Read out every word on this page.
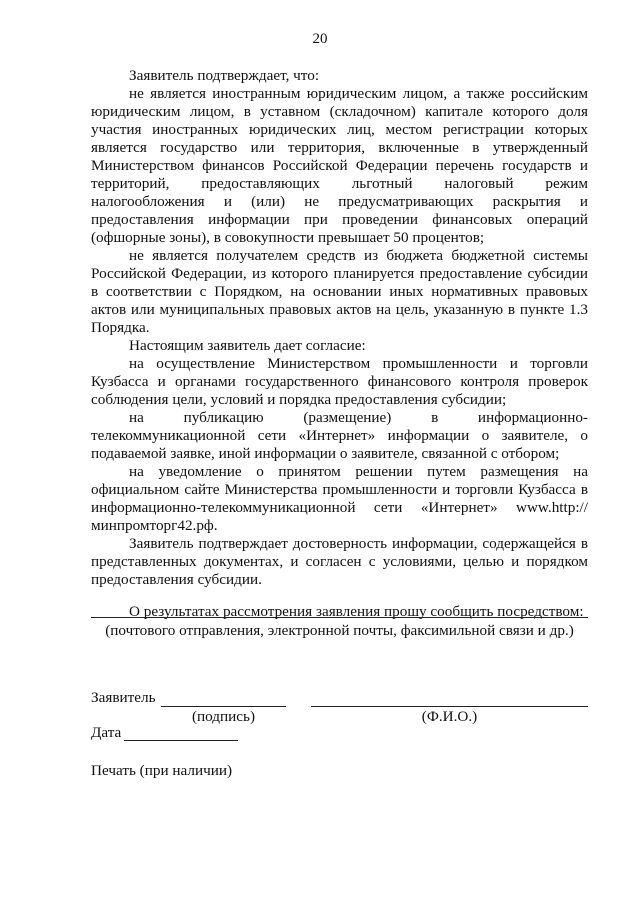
20

Заявитель подтверждает, что:

не является иностранным юридическим лицом, а также российским юридическим лицом, в уставном (складочном) капитале которого доля участия иностранных юридических лиц, местом регистрации которых является государство или территория, включенные в утвержденный Министерством финансов Российской Федерации перечень государств и территорий, предоставляющих льготный налоговый режим налогообложения и (или) не предусматривающих раскрытия и предоставления информации при проведении финансовых операций (офшорные зоны), в совокупности превышает 50 процентов;

не является получателем средств из бюджета бюджетной системы Российской Федерации, из которого планируется предоставление субсидии в соответствии с Порядком, на основании иных нормативных правовых актов или муниципальных правовых актов на цель, указанную в пункте 1.3 Порядка.

Настоящим заявитель дает согласие:

на осуществление Министерством промышленности и торговли Кузбасса и органами государственного финансового контроля проверок соблюдения цели, условий и порядка предоставления субсидии;

на публикацию (размещение) в информационно-телекоммуникационной сети «Интернет» информации о заявителе, о подаваемой заявке, иной информации о заявителе, связанной с отбором;

на уведомление о принятом решении путем размещения на официальном сайте Министерства промышленности и торговли Кузбасса в информационно-телекоммуникационной сети «Интернет» www.http://минпромторг42.рф.

Заявитель подтверждает достоверность информации, содержащейся в представленных документах, и согласен с условиями, целью и порядком предоставления субсидии.

О результатах рассмотрения заявления прошу сообщить посредством:

(почтового отправления, электронной почты, факсимильной связи и др.)
Заявитель
(подпись)	(Ф.И.О.)
Дата
Печать (при наличии)
